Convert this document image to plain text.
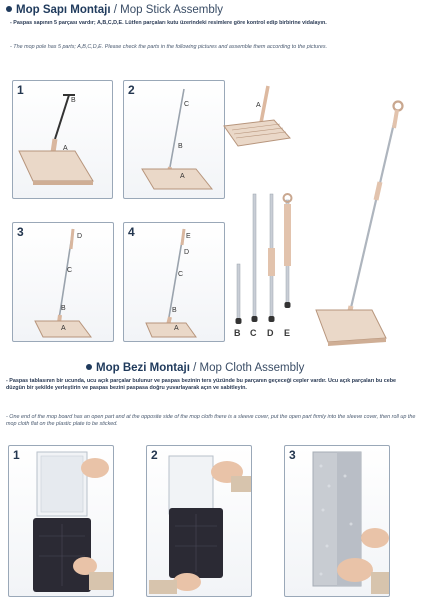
Mop Sapı Montajı / Mop Stick Assembly
- Paspas sapının 5 parçası vardır; A,B,C,D,E. Lütfen parçaları kutu üzerindeki resimlere göre kontrol edip birbirine vidalayın.
- The mop pole has 5 parts; A,B,C,D,E. Please check the parts in the following pictures and assemble them according to the pictures.
1
B
A
2
C
B
A
A
3	D
C
B
A
4	E
D
C
B
A	B C D E
Mop Bezi Montajı / Mop Cloth Assembly
- Paspas tablasının bir ucunda, ucu açık parçalar bulunur ve paspas bezinin ters yüzünde bu parçanın geçeceği cepler vardır. Ucu açık parçaları bu cebe düzgün bir şekilde yerleştirin ve paspas bezini paspasa doğru yuvarlayarak açın ve sabitleyin.
- One end of the mop board has an open part and at the opposite side of the mop cloth there is a sleeve cover, put the open part firmly into the sleeve cover, then roll up the mop cloth flat on the plastic plate to be sticked.
1	2	3
